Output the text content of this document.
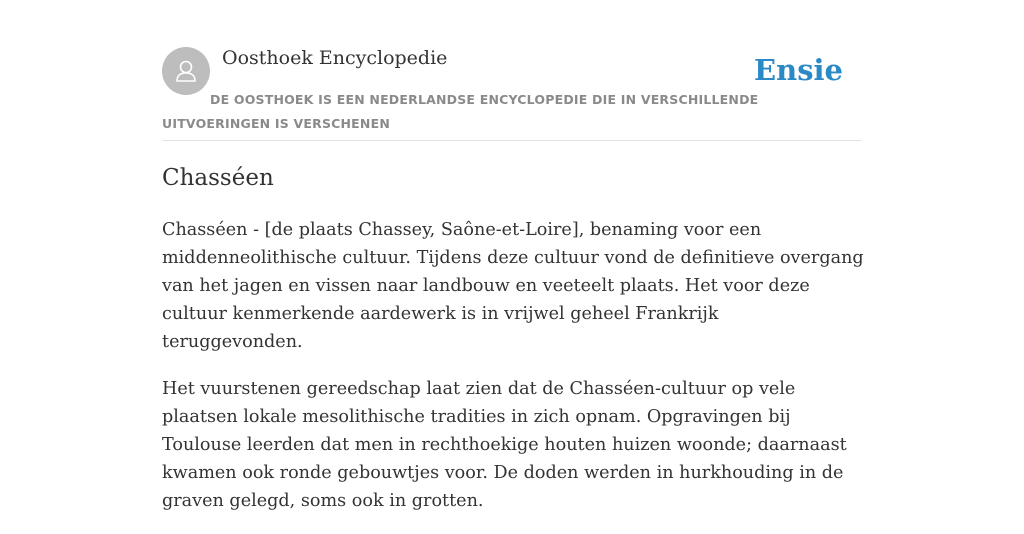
Oosthoek Encyclopedie	Ensie
DE OOSTHOEK IS EEN NEDERLANDSE ENCYCLOPEDIE DIE IN VERSCHILLENDE UITVOERINGEN IS VERSCHENEN
Chasséen

Chasséen - [de plaats Chassey, Saône-et-Loire], benaming voor een middenneolithische cultuur. Tijdens deze cultuur vond de definitieve overgang van het jagen en vissen naar landbouw en veeteelt plaats. Het voor deze cultuur kenmerkende aardewerk is in vrijwel geheel Frankrijk teruggevonden.

Het vuurstenen gereedschap laat zien dat de Chasséen-cultuur op vele plaatsen lokale mesolithische tradities in zich opnam. Opgravingen bij Toulouse leerden dat men in rechthoekige houten huizen woonde; daarnaast kwamen ook ronde gebouwtjes voor. De doden werden in hurkhouding in de graven gelegd, soms ook in grotten.
